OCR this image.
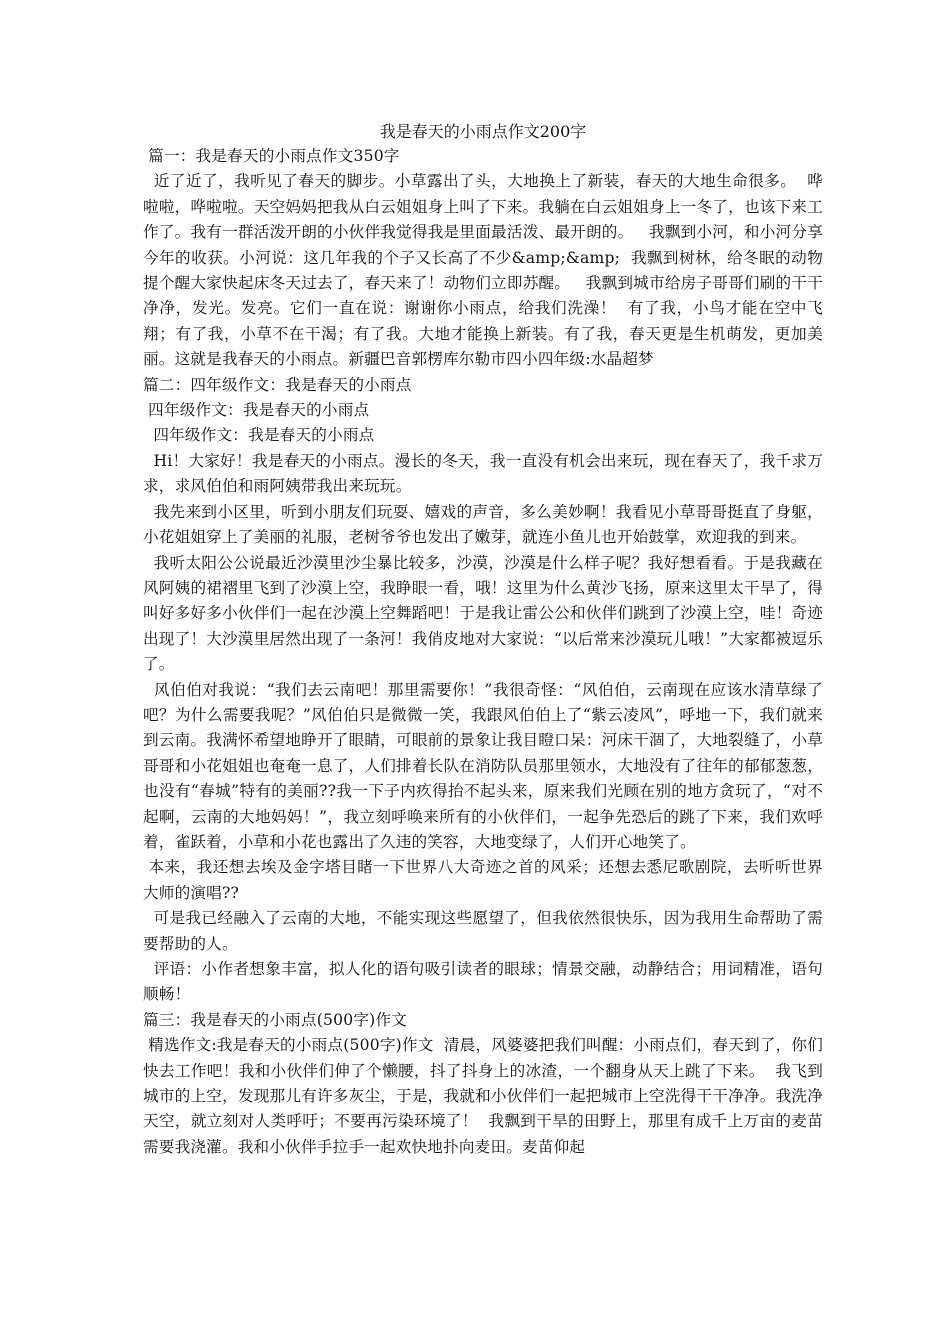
我是春天的小雨点作文200字

篇一：我是春天的小雨点作文350字

近了近了，我听见了春天的脚步。小草露出了头，大地换上了新装，春天的大地生命很多。  哗啦啦，哗啦啦。天空妈妈把我从白云姐姐身上叫了下来。我躺在白云姐姐身上一冬了，也该下来工作了。我有一群活泼开朗的小伙伴我觉得我是里面最活泼、最开朗的。   我飘到小河，和小河分享今年的收获。小河说：这几年我的个子又长高了不少&amp;&amp;  我飘到树林，给冬眠的动物提个醒大家快起床冬天过去了，春天来了！动物们立即苏醒。   我飘到城市给房子哥哥们刷的干干净净，发光。发亮。它们一直在说：谢谢你小雨点，给我们洗澡！  有了我，小鸟才能在空中飞翔；有了我，小草不在干渴；有了我。大地才能换上新装。有了我，春天更是生机萌发，更加美丽。这就是我春天的小雨点。新疆巴音郭楞库尔勒市四小四年级:水晶超梦

篇二：四年级作文：我是春天的小雨点

四年级作文：我是春天的小雨点

四年级作文：我是春天的小雨点

Hi！大家好！我是春天的小雨点。漫长的冬天，我一直没有机会出来玩，现在春天了，我千求万求，求风伯伯和雨阿姨带我出来玩玩。

我先来到小区里，听到小朋友们玩耍、嬉戏的声音，多么美妙啊！我看见小草哥哥挺直了身躯，小花姐姐穿上了美丽的礼服，老树爷爷也发出了嫩芽，就连小鱼儿也开始鼓掌，欢迎我的到来。

我听太阳公公说最近沙漠里沙尘暴比较多，沙漠，沙漠是什么样子呢？我好想看看。于是我藏在风阿姨的裙褶里飞到了沙漠上空，我睁眼一看，哦！这里为什么黄沙飞扬，原来这里太干旱了，得叫好多好多小伙伴们一起在沙漠上空舞蹈吧！于是我让雷公公和伙伴们跳到了沙漠上空，哇！奇迹出现了！大沙漠里居然出现了一条河！我俏皮地对大家说：“以后常来沙漠玩儿哦！”大家都被逗乐了。

风伯伯对我说：“我们去云南吧！那里需要你！”我很奇怪：“风伯伯，云南现在应该水清草绿了吧？为什么需要我呢？”风伯伯只是微微一笑，我跟风伯伯上了“紫云凌风”，呼地一下，我们就来到云南。我满怀希望地睁开了眼睛，可眼前的景象让我目瞪口呆：河床干涸了，大地裂缝了，小草哥哥和小花姐姐也奄奄一息了，人们排着长队在消防队员那里领水，大地没有了往年的郁郁葱葱，也没有“春城”特有的美丽??我一下子内疚得抬不起头来，原来我们光顾在别的地方贪玩了，“对不起啊，云南的大地妈妈！”，我立刻呼唤来所有的小伙伴们，一起争先恐后的跳了下来，我们欢呼着，雀跃着，小草和小花也露出了久违的笑容，大地变绿了，人们开心地笑了。

本来，我还想去埃及金字塔目睹一下世界八大奇迹之首的风采；还想去悉尼歌剧院，去听听世界大师的演唱??

可是我已经融入了云南的大地，不能实现这些愿望了，但我依然很快乐，因为我用生命帮助了需要帮助的人。

评语：小作者想象丰富，拟人化的语句吸引读者的眼球；情景交融，动静结合；用词精准，语句顺畅！

篇三：我是春天的小雨点(500字)作文

精选作文:我是春天的小雨点(500字)作文  清晨，风婆婆把我们叫醒：小雨点们，春天到了，你们快去工作吧！我和小伙伴们伸了个懒腰，抖了抖身上的冰渣，一个翻身从天上跳了下来。  我飞到城市的上空，发现那儿有许多灰尘，于是，我就和小伙伴们一起把城市上空洗得干干净净。我洗净天空，就立刻对人类呼吁；不要再污染环境了！  我飘到干旱的田野上，那里有成千上万亩的麦苗需要我浇灌。我和小伙伴手拉手一起欢快地扑向麦田。麦苗仰起
